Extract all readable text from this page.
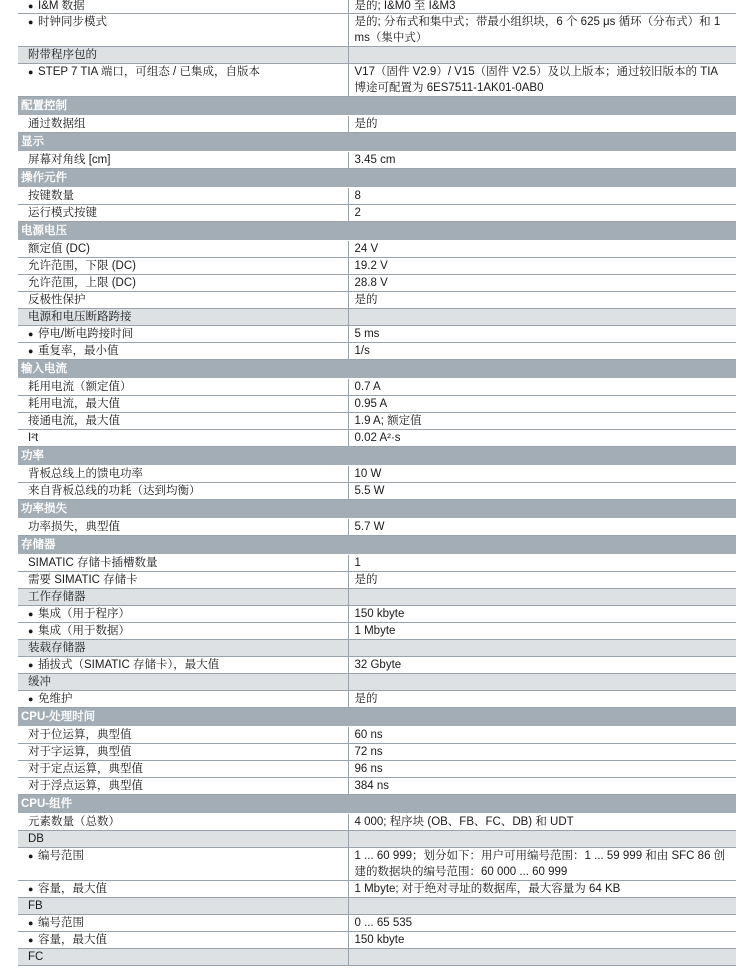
● I&M 数据	是的; I&M0 至 I&M3
● 时钟同步模式	是的; 分布式和集中式；带最小组织块，6 个 625 μs 循环（分布式）和 1 ms（集中式）
附带程序包的	
● STEP 7 TIA 端口，可组态 / 已集成，自版本	V17（固件 V2.9）/ V15（固件 V2.5）及以上版本；通过较旧版本的 TIA 博途可配置为 6ES7511-1AK01-0AB0
配置控制	
通过数据组	是的
显示	
屏幕对角线 [cm]	3.45 cm
操作元件	
按键数量	8
运行模式按键	2
电源电压	
额定值 (DC)	24 V
允许范围，下限 (DC)	19.2 V
允许范围，上限 (DC)	28.8 V
反极性保护	是的
电源和电压断路跨接	
● 停电/断电跨接时间	5 ms
● 重复率，最小值	1/s
输入电流	
耗用电流（额定值）	0.7 A
耗用电流，最大值	0.95 A
接通电流，最大值	1.9 A; 额定值
I²t	0.02 A²·s
功率	
背板总线上的馈电功率	10 W
来自背板总线的功耗（达到均衡）	5.5 W
功率损失	
功率损失，典型值	5.7 W
存储器	
SIMATIC 存储卡插槽数量	1
需要 SIMATIC 存储卡	是的
工作存储器	
● 集成（用于程序）	150 kbyte
● 集成（用于数据）	1 Mbyte
装载存储器	
● 插拔式（SIMATIC 存储卡），最大值	32 Gbyte
缓冲	
● 免维护	是的
CPU-处理时间	
对于位运算，典型值	60 ns
对于字运算，典型值	72 ns
对于定点运算，典型值	96 ns
对于浮点运算，典型值	384 ns
CPU-组件	
元素数量（总数）	4 000; 程序块 (OB、FB、FC、DB) 和 UDT
DB	
● 编号范围	1 ... 60 999；划分如下：用户可用编号范围：1 ... 59 999 和由 SFC 86 创建的数据块的编号范围：60 000 ... 60 999
● 容量，最大值	1 Mbyte; 对于绝对寻址的数据库，最大容量为 64 KB
FB	
● 编号范围	0 ... 65 535
● 容量，最大值	150 kbyte
FC	
